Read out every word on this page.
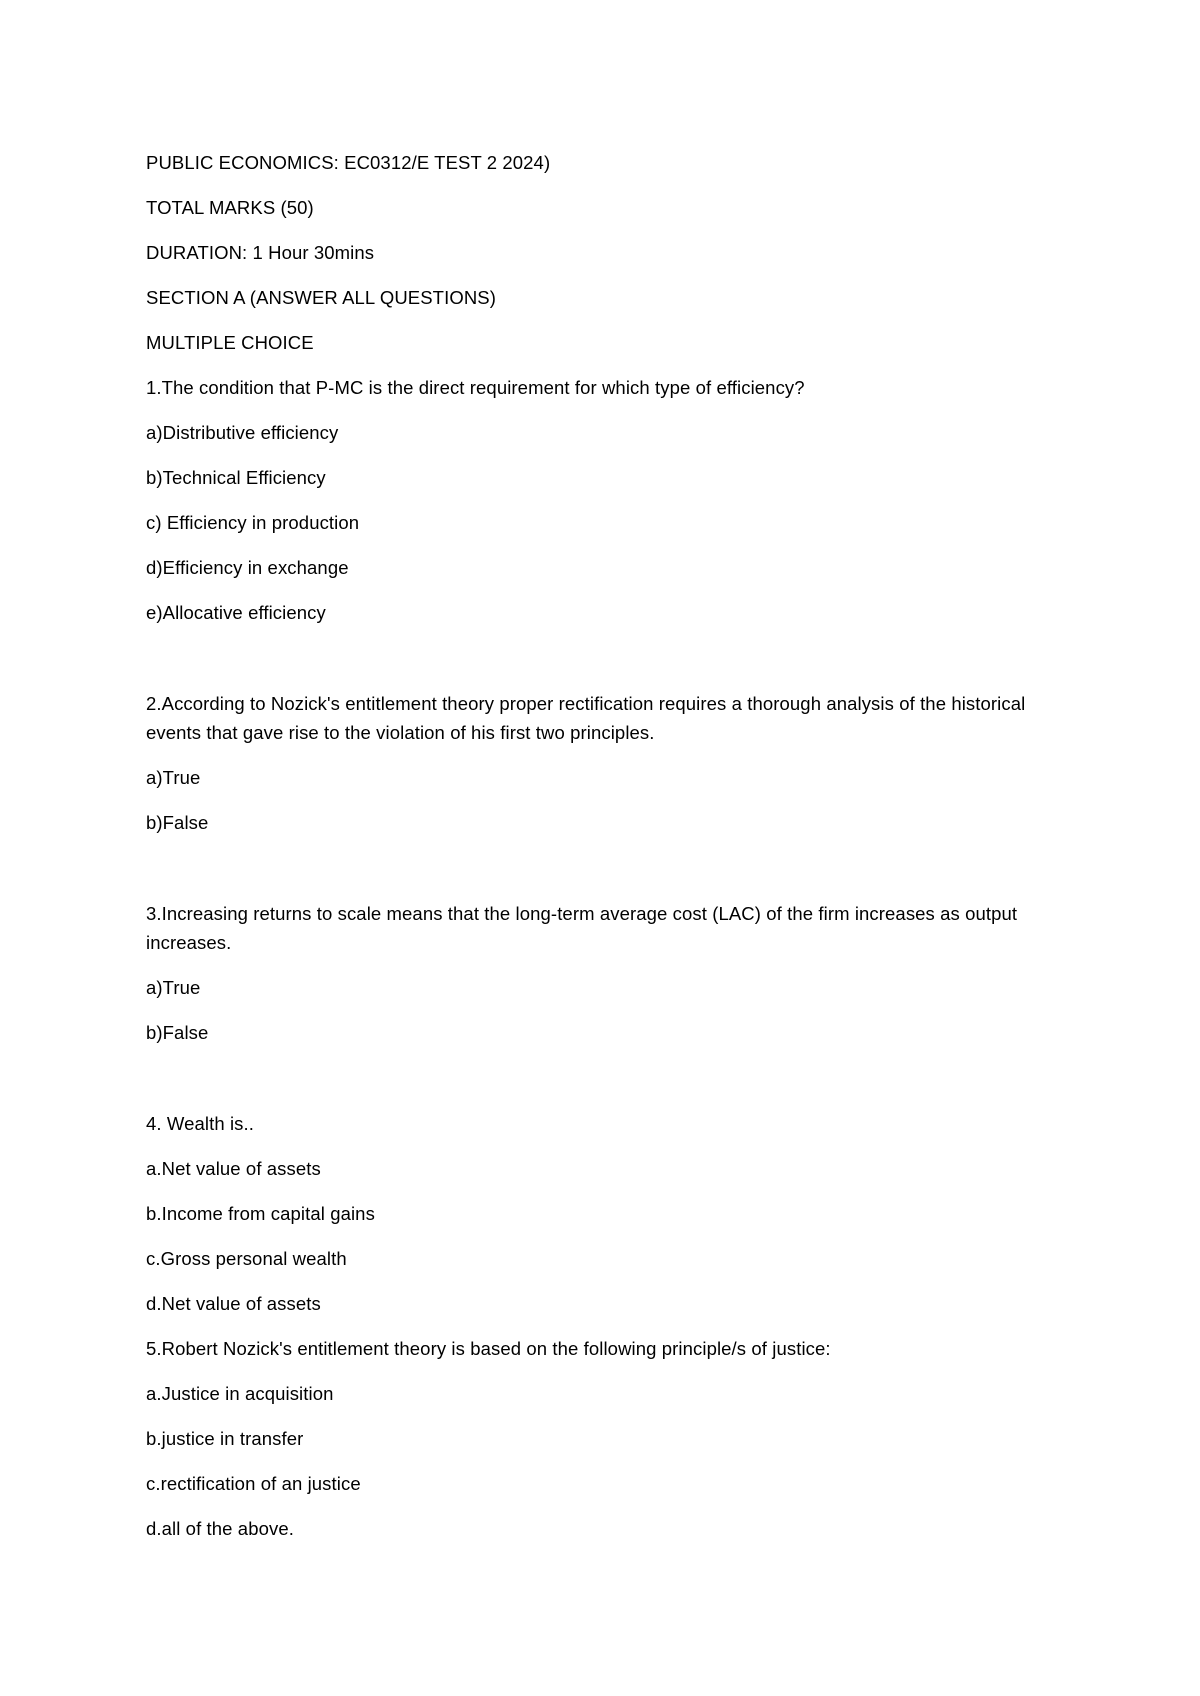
PUBLIC ECONOMICS: EC0312/E TEST 2 2024)

TOTAL MARKS (50)

DURATION: 1 Hour 30mins

SECTION A (ANSWER ALL QUESTIONS)

MULTIPLE CHOICE

1.The condition that P-MC is the direct requirement for which type of efficiency?

a)Distributive efficiency

b)Technical Efficiency

c) Efficiency in production

d)Efficiency in exchange

e)Allocative efficiency

2.According to Nozick's entitlement theory proper rectification requires a thorough analysis of the historical events that gave rise to the violation of his first two principles.

a)True

b)False

3.Increasing returns to scale means that the long-term average cost (LAC) of the firm increases as output increases.

a)True

b)False

4. Wealth is..

a.Net value of assets

b.Income from capital gains

c.Gross personal wealth

d.Net value of assets

5.Robert Nozick's entitlement theory is based on the following principle/s of justice:

a.Justice in acquisition

b.justice in transfer

c.rectification of an justice

d.all of the above.
